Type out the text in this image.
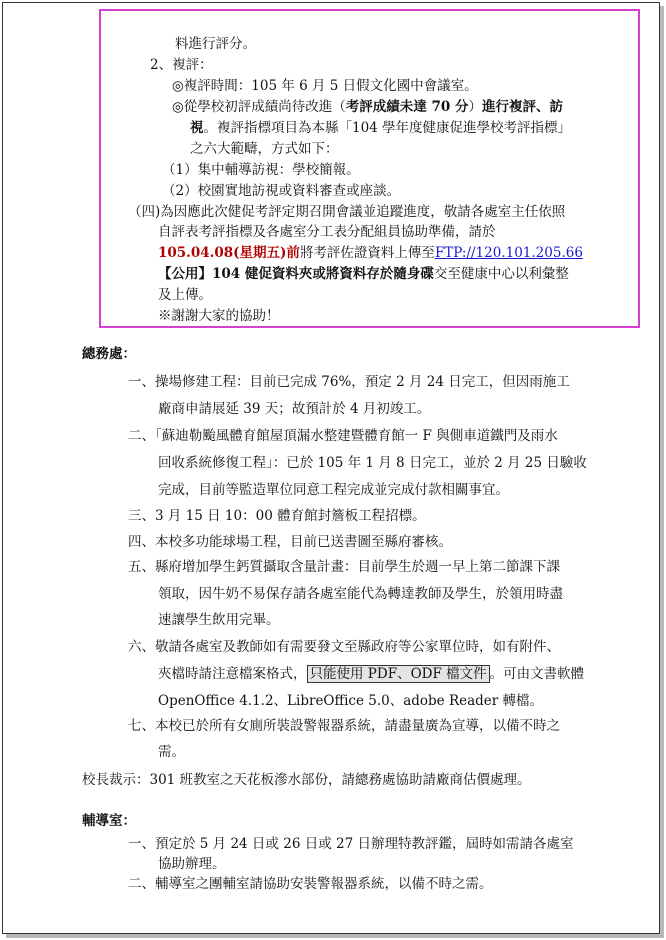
料進行評分。
2、複評：
◎複評時間：105 年 6 月 5 日假文化國中會議室。
◎從學校初評成績尚待改進（考評成績未達 70 分）進行複評、訪
視。複評指標項目為本縣「104 學年度健康促進學校考評指標」
之六大範疇，方式如下：
（1）集中輔導訪視：學校簡報。
（2）校園實地訪視或資料審查或座談。
（四)為因應此次健促考評定期召開會議並追蹤進度，敬請各處室主任依照
自評表考評指標及各處室分工表分配組員協助準備，請於
105.04.08(星期五)前將考評佐證資料上傳至FTP://120.101.205.66
【公用】104 健促資料夾或將資料存於隨身碟交至健康中心以利彙整
及上傳。
※謝謝大家的協助！
總務處：
一、操場修建工程：目前已完成 76%，預定 2 月 24 日完工，但因雨施工
廠商申請展延 39 天；故預計於 4 月初竣工。
二、「蘇迪勒颱風體育館屋頂漏水整建暨體育館一 F 與側車道鐵門及雨水
回收系統修復工程」：已於 105 年 1 月 8 日完工，並於 2 月 25 日驗收
完成，目前等監造單位同意工程完成並完成付款相關事宜。
三、3 月 15 日 10：00 體育館封簷板工程招標。
四、本校多功能球場工程，目前已送書圖至縣府審核。
五、縣府增加學生鈣質攝取含量計畫：目前學生於週一早上第二節課下課
領取，因牛奶不易保存請各處室能代為轉達教師及學生，於領用時盡
速讓學生飲用完畢。
六、敬請各處室及教師如有需要發文至縣政府等公家單位時，如有附件、
夾檔時請注意檔案格式， 只能使用 PDF、ODF 檔文件 。可由文書軟體
OpenOffice 4.1.2、LibreOffice 5.0、adobe Reader 轉檔。
七、本校已於所有女廁所裝設警報器系統，請盡量廣為宣導，以備不時之
需。
校長裁示：301 班教室之天花板滲水部份，請總務處協助請廠商估價處理。
輔導室：
一、預定於 5 月 24 日或 26 日或 27 日辦理特教評鑑，屆時如需請各處室
協助辦理。
二、輔導室之團輔室請協助安裝警報器系統，以備不時之需。
